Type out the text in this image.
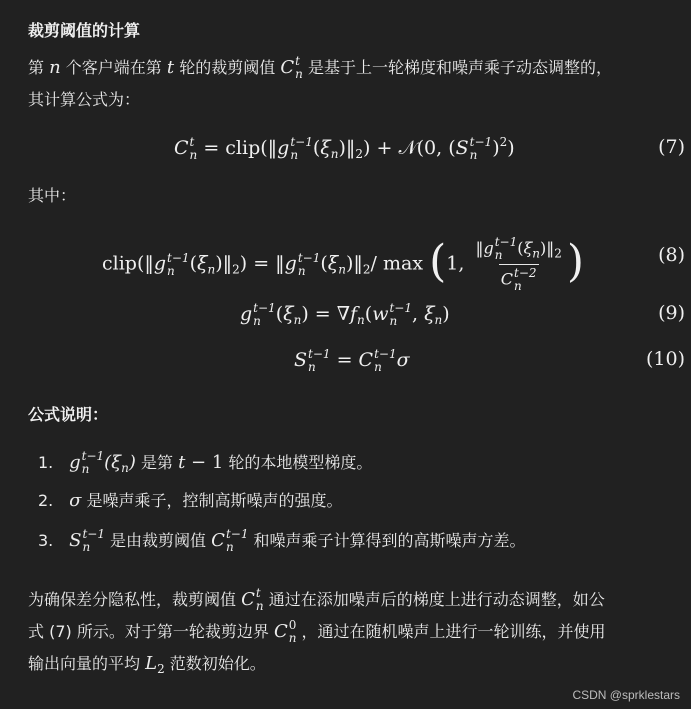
裁剪阈值的计算
第 n 个客户端在第 t 轮的裁剪阈值 C t
n 是基于上一轮梯度和噪声乘子动态调整的，
其计算公式为：
C t
n = clip(‖g t−1
n $(\xi_n)‖_2$) + 𝒩(0, (S t−1
n )$^2$)	(7)
其中：
clip(‖g t−1
n $(\xi_n)‖_2$) = ‖g t−1
n $(\xi_n)‖_2/$ max (1, ‖g t−1
n $(\xi_n)‖_2$
C t−2
n )	(8)
g t−1
n $(\xi_n) = \nabla f_n(w$ t−1
n , $\xi_n$)	(9)
S t−1
n = C t−1
n σ	(10)
公式说明：
1. g t−1
n $(\xi_n)$ 是第 t − 1 轮的本地模型梯度。
2. σ 是噪声乘子，控制高斯噪声的强度。
3. S t−1
n	是由裁剪阈值 C t−1
n	和噪声乘子计算得到的高斯噪声方差。
为确保差分隐私性，裁剪阈值 C t
n 通过在添加噪声后的梯度上进行动态调整，如公
式 (7) 所示。对于第一轮裁剪边界 C 0
n ，通过在随机噪声上进行一轮训练，并使用
输出向量的平均 $L_2$ 范数初始化。
CSDN @sprklestars
